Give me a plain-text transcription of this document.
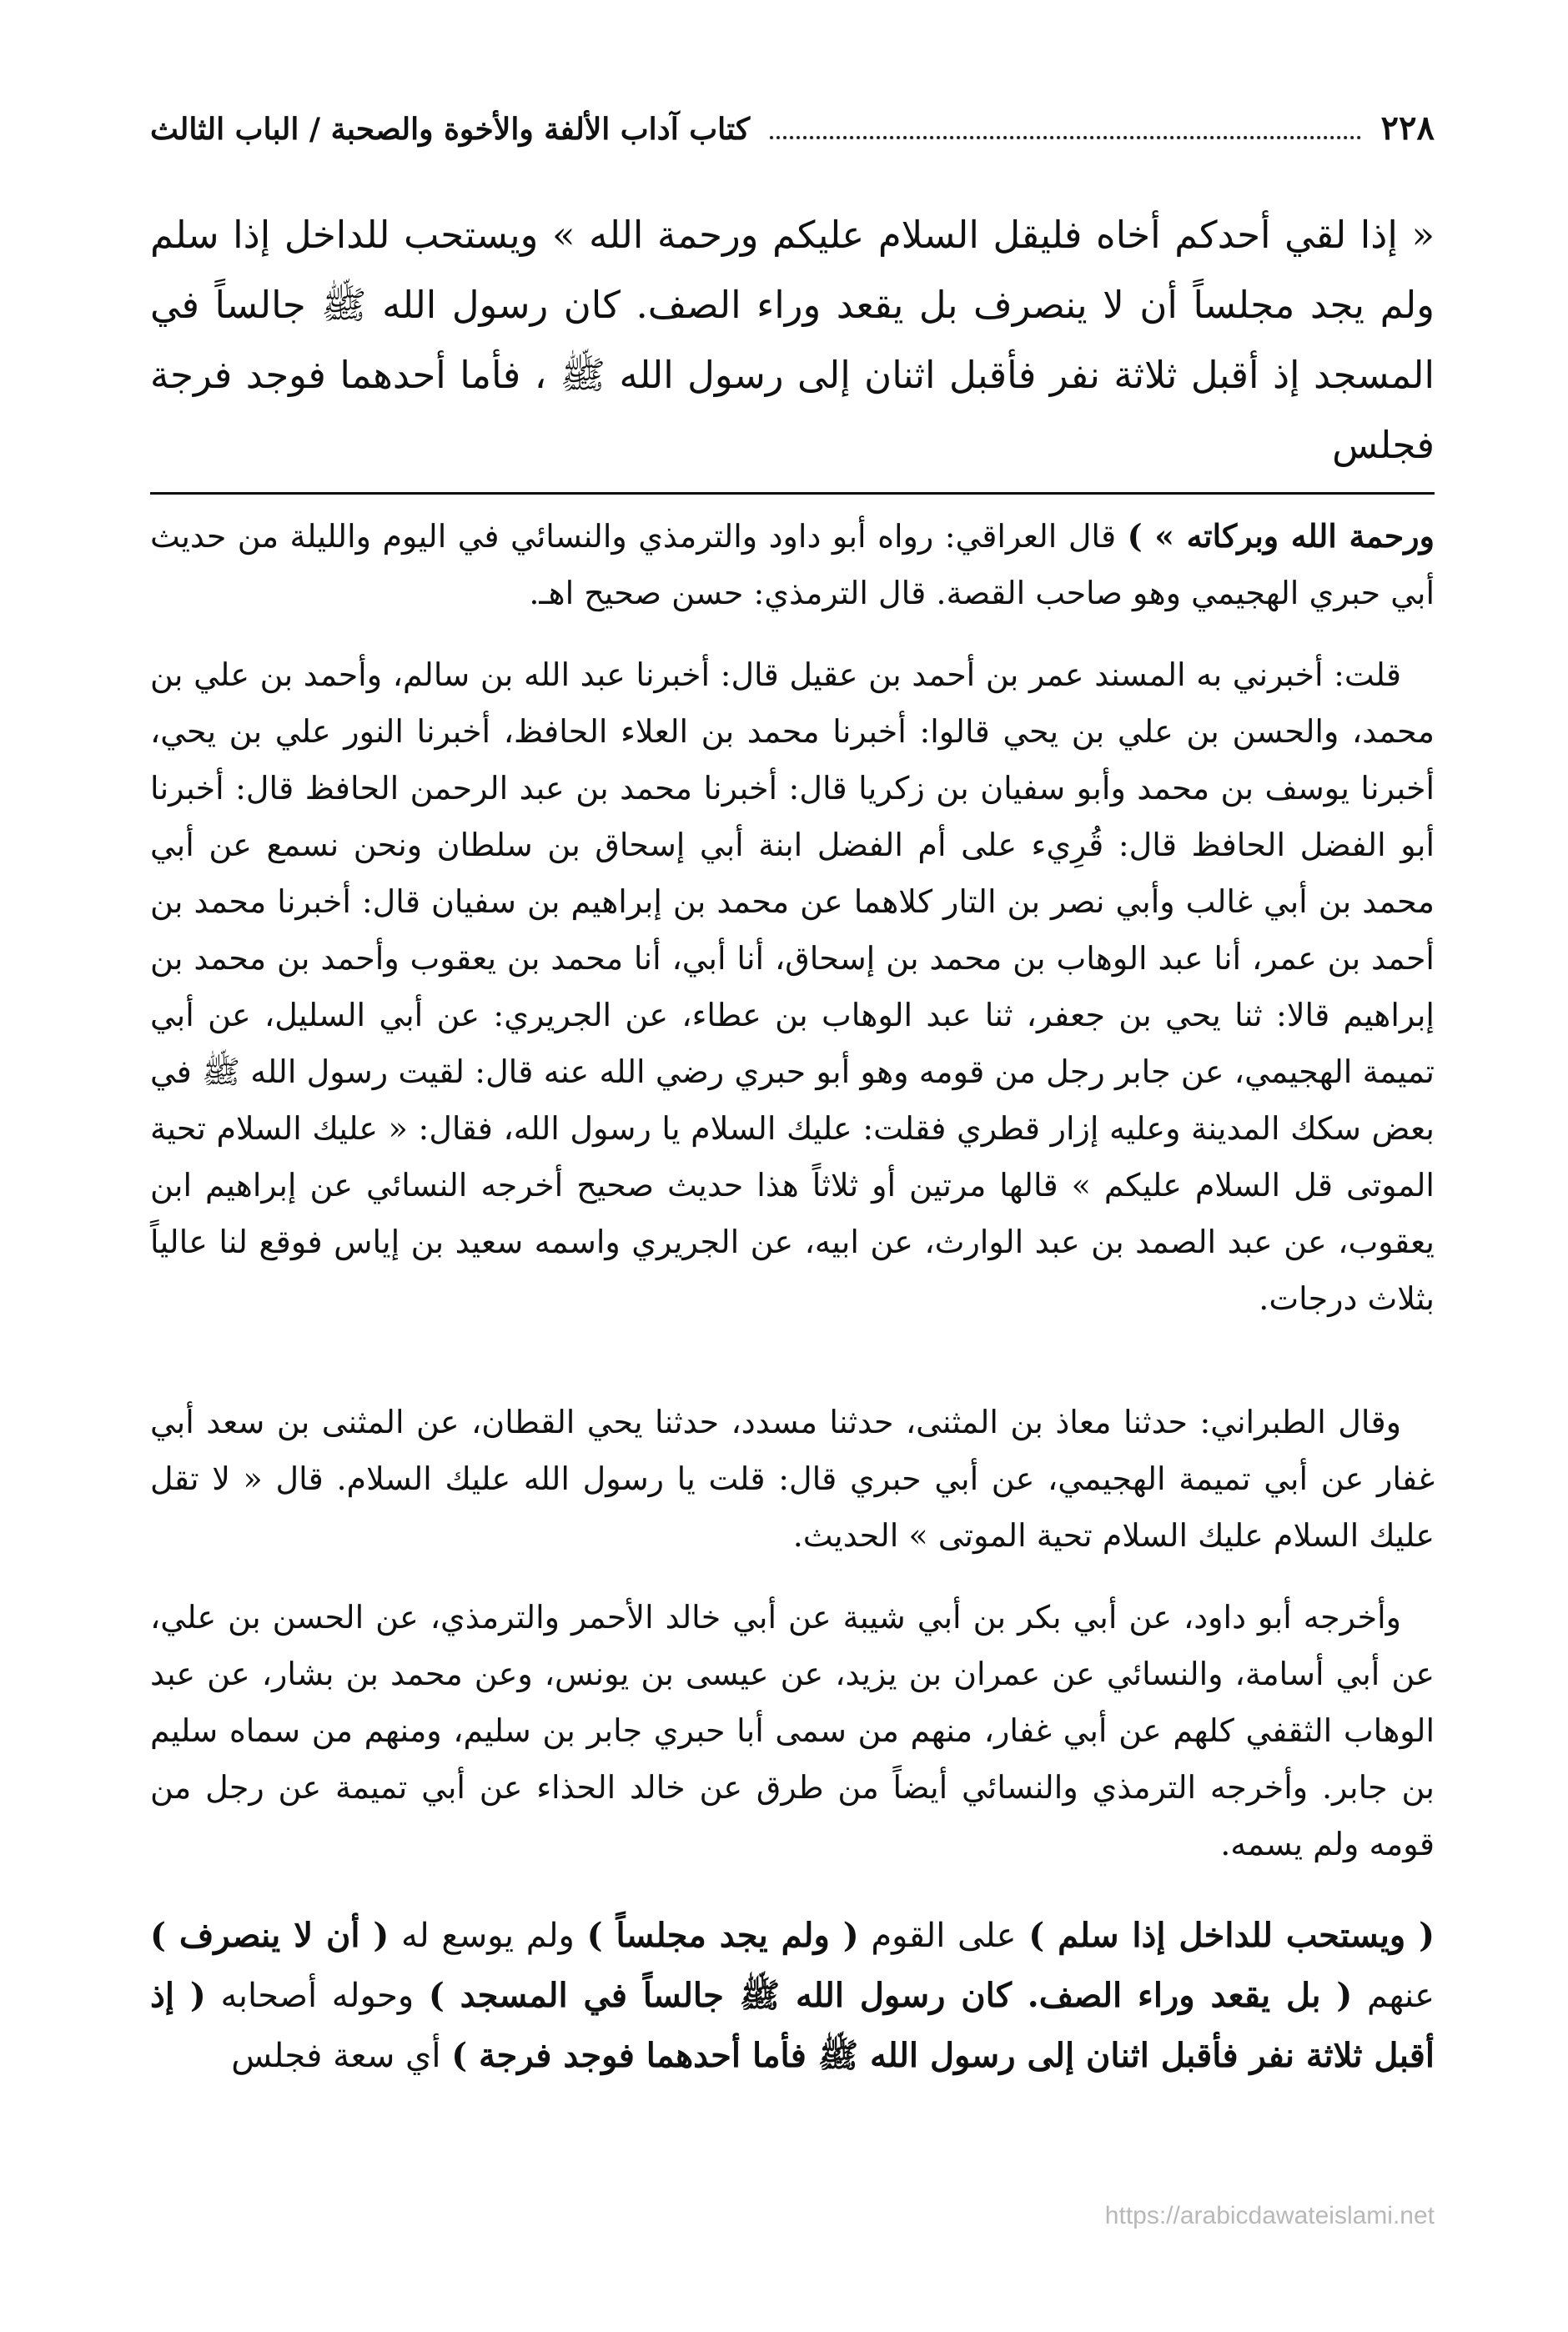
٢٢٨
كتاب آداب الألفة والأخوة والصحبة / الباب الثالث
« إذا لقي أحدكم أخاه فليقل السلام عليكم ورحمة الله » ويستحب للداخل إذا سلم ولم يجد مجلساً أن لا ينصرف بل يقعد وراء الصف. كان رسول الله ﷺ جالساً في المسجد إذ أقبل ثلاثة نفر فأقبل اثنان إلى رسول الله ﷺ ، فأما أحدهما فوجد فرجة فجلس

ورحمة الله وبركاته » ) قال العراقي: رواه أبو داود والترمذي والنسائي في اليوم والليلة من حديث أبي حبري الهجيمي وهو صاحب القصة. قال الترمذي: حسن صحيح اهـ.

قلت: أخبرني به المسند عمر بن أحمد بن عقيل قال: أخبرنا عبد الله بن سالم، وأحمد بن علي بن محمد، والحسن بن علي بن يحي قالوا: أخبرنا محمد بن العلاء الحافظ، أخبرنا النور علي بن يحي، أخبرنا يوسف بن محمد وأبو سفيان بن زكريا قال: أخبرنا محمد بن عبد الرحمن الحافظ قال: أخبرنا أبو الفضل الحافظ قال: قُرِيء على أم الفضل ابنة أبي إسحاق بن سلطان ونحن نسمع عن أبي محمد بن أبي غالب وأبي نصر بن التار كلاهما عن محمد بن إبراهيم بن سفيان قال: أخبرنا محمد بن أحمد بن عمر، أنا عبد الوهاب بن محمد بن إسحاق، أنا أبي، أنا محمد بن يعقوب وأحمد بن محمد بن إبراهيم قالا: ثنا يحي بن جعفر، ثنا عبد الوهاب بن عطاء، عن الجريري: عن أبي السليل، عن أبي تميمة الهجيمي، عن جابر رجل من قومه وهو أبو حبري رضي الله عنه قال: لقيت رسول الله ﷺ في بعض سكك المدينة وعليه إزار قطري فقلت: عليك السلام يا رسول الله، فقال: « عليك السلام تحية الموتى قل السلام عليكم » قالها مرتين أو ثلاثاً هذا حديث صحيح أخرجه النسائي عن إبراهيم ابن يعقوب، عن عبد الصمد بن عبد الوارث، عن ابيه، عن الجريري واسمه سعيد بن إياس فوقع لنا عالياً بثلاث درجات.

وقال الطبراني: حدثنا معاذ بن المثنى، حدثنا مسدد، حدثنا يحي القطان، عن المثنى بن سعد أبي غفار عن أبي تميمة الهجيمي، عن أبي حبري قال: قلت يا رسول الله عليك السلام. قال « لا تقل عليك السلام عليك السلام تحية الموتى » الحديث.

وأخرجه أبو داود، عن أبي بكر بن أبي شيبة عن أبي خالد الأحمر والترمذي، عن الحسن بن علي، عن أبي أسامة، والنسائي عن عمران بن يزيد، عن عيسى بن يونس، وعن محمد بن بشار، عن عبد الوهاب الثقفي كلهم عن أبي غفار، منهم من سمى أبا حبري جابر بن سليم، ومنهم من سماه سليم بن جابر. وأخرجه الترمذي والنسائي أيضاً من طرق عن خالد الحذاء عن أبي تميمة عن رجل من قومه ولم يسمه.

( ويستحب للداخل إذا سلم ) على القوم ( ولم يجد مجلساً ) ولم يوسع له ( أن لا ينصرف ) عنهم ( بل يقعد وراء الصف. كان رسول الله ﷺ جالساً في المسجد ) وحوله أصحابه ( إذ أقبل ثلاثة نفر فأقبل اثنان إلى رسول الله ﷺ فأما أحدهما فوجد فرجة ) أي سعة فجلس
https://arabicdawateislami.net
